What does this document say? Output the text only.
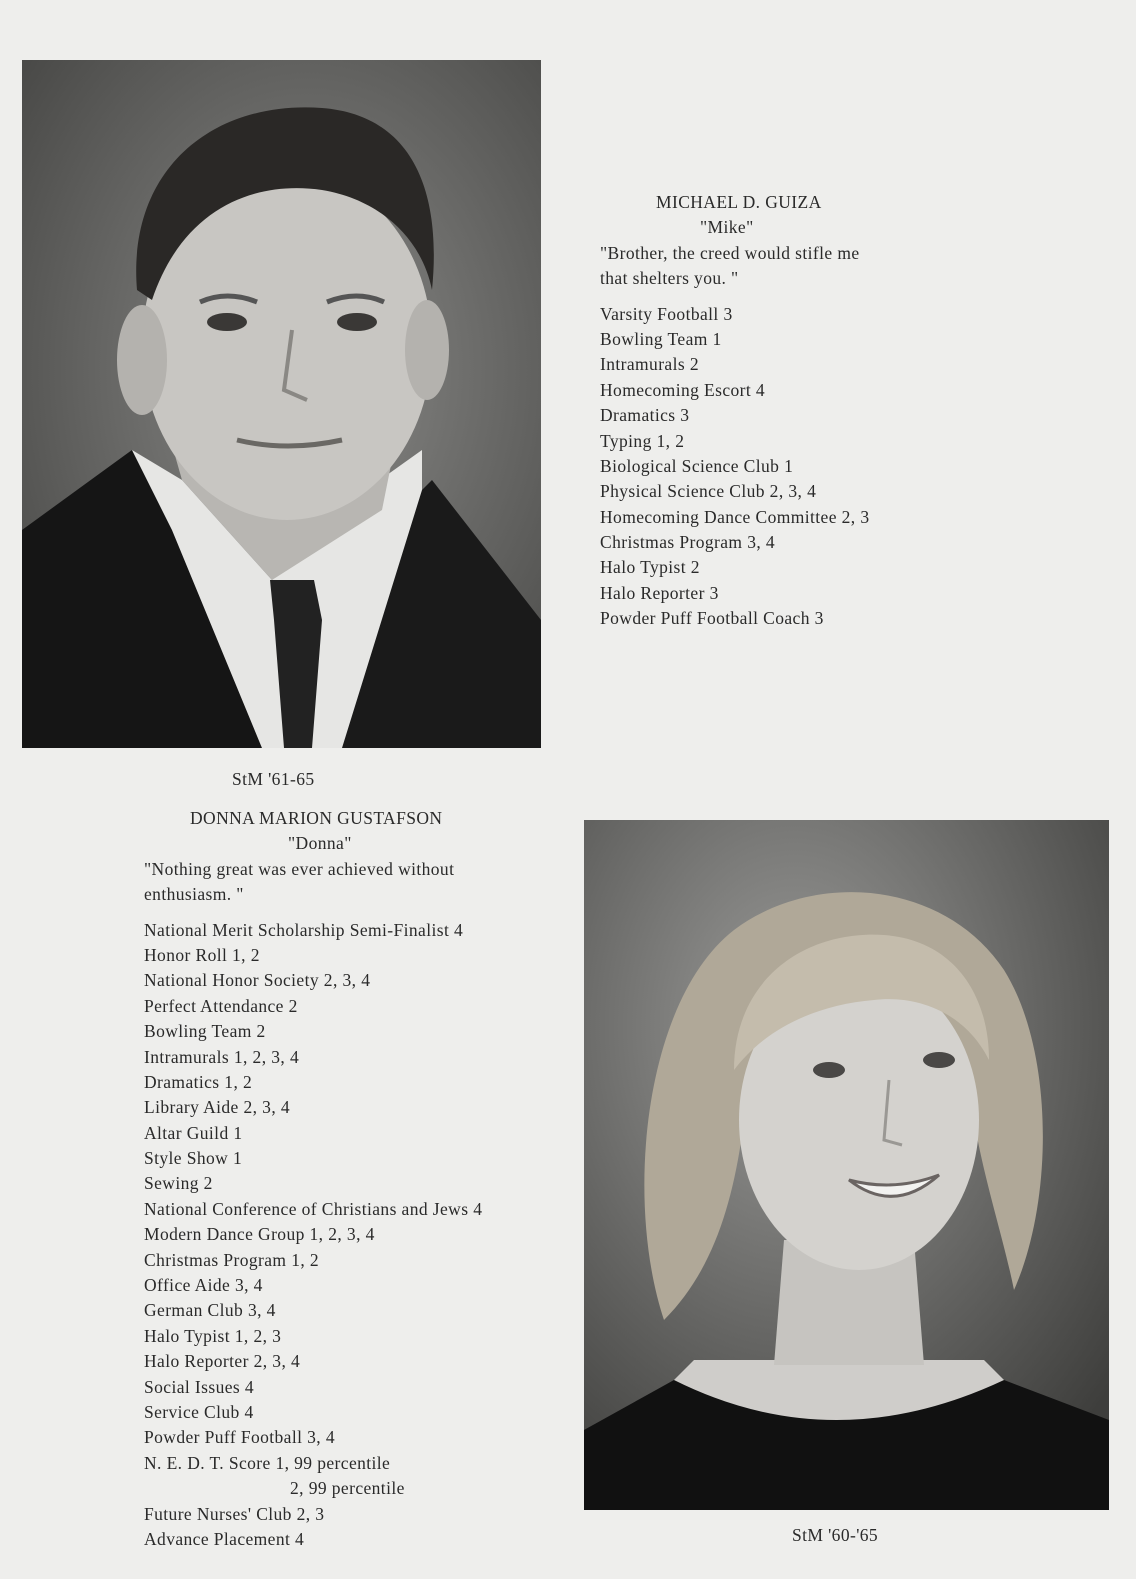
MICHAEL D. GUIZA
"Mike"
"Brother, the creed would stifle me
that shelters you. "
Varsity Football 3
Bowling Team 1
Intramurals 2
Homecoming Escort 4
Dramatics 3
Typing 1, 2
Biological Science Club 1
Physical Science Club 2, 3, 4
Homecoming Dance Committee 2, 3
Christmas Program 3, 4
Halo Typist 2
Halo Reporter 3
Powder Puff Football Coach 3
StM '61-65
DONNA MARION GUSTAFSON
"Donna"
"Nothing great was ever achieved without
enthusiasm. "
National Merit Scholarship Semi-Finalist 4
Honor Roll 1, 2
National Honor Society 2, 3, 4
Perfect Attendance 2
Bowling Team 2
Intramurals 1, 2, 3, 4
Dramatics 1, 2
Library Aide 2, 3, 4
Altar Guild 1
Style Show 1
Sewing 2
National Conference of Christians and Jews 4
Modern Dance Group 1, 2, 3, 4
Christmas Program 1, 2
Office Aide 3, 4
German Club 3, 4
Halo Typist 1, 2, 3
Halo Reporter 2, 3, 4
Social Issues 4
Service Club 4
Powder Puff Football 3, 4
N. E. D. T. Score 1, 99 percentile
2, 99 percentile
Future Nurses' Club 2, 3
Advance Placement 4	StM '60-'65
